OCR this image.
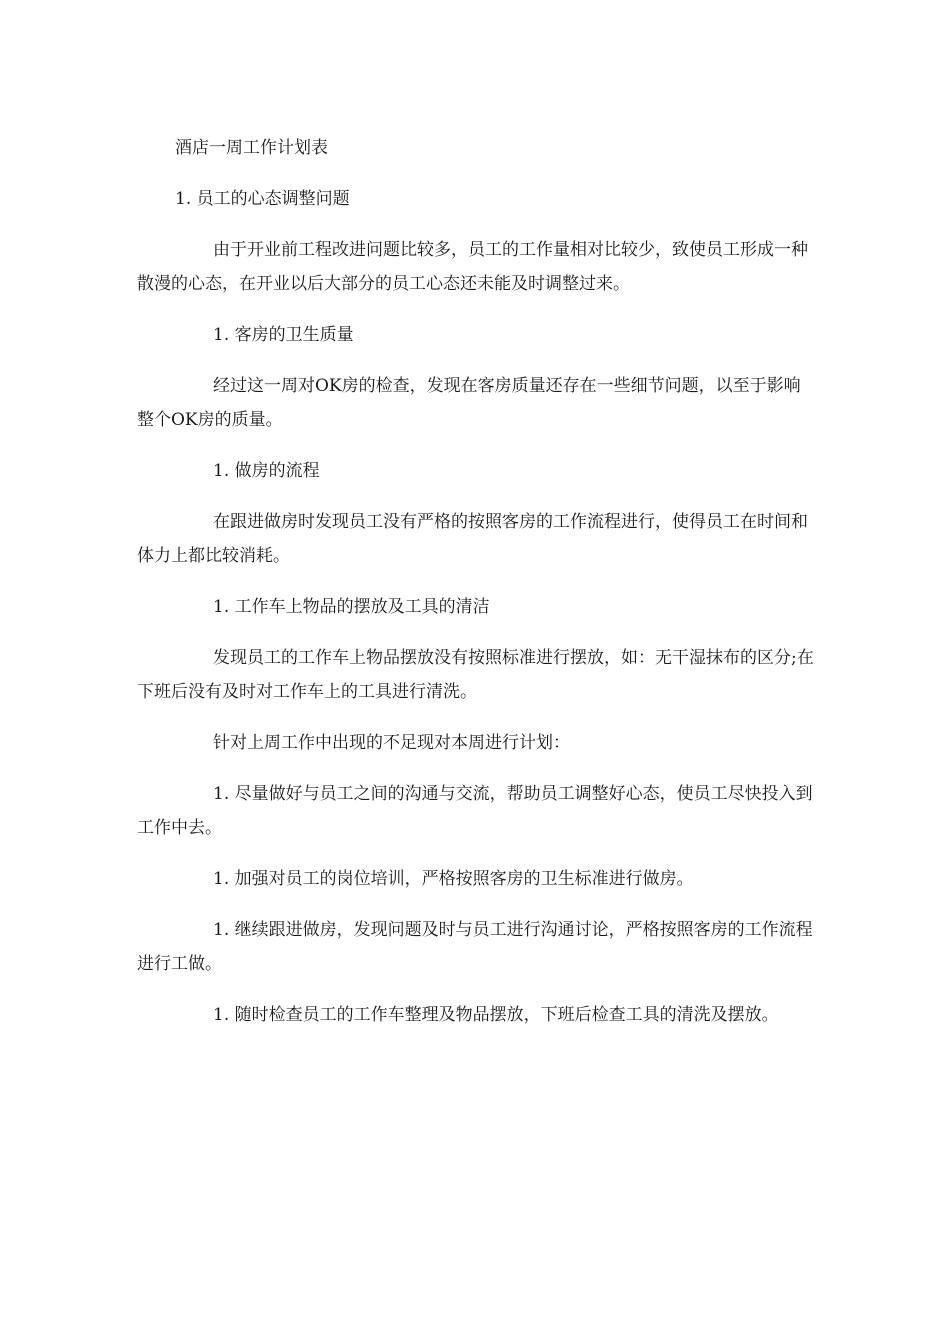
酒店一周工作计划表

1. 员工的心态调整问题

由于开业前工程改进问题比较多，员工的工作量相对比较少，致使员工形成一种散漫的心态，在开业以后大部分的员工心态还未能及时调整过来。

1. 客房的卫生质量

经过这一周对OK房的检查，发现在客房质量还存在一些细节问题，以至于影响整个OK房的质量。

1. 做房的流程

在跟进做房时发现员工没有严格的按照客房的工作流程进行，使得员工在时间和体力上都比较消耗。

1. 工作车上物品的摆放及工具的清洁

发现员工的工作车上物品摆放没有按照标准进行摆放，如：无干湿抹布的区分;在下班后没有及时对工作车上的工具进行清洗。

针对上周工作中出现的不足现对本周进行计划：

1. 尽量做好与员工之间的沟通与交流，帮助员工调整好心态，使员工尽快投入到工作中去。

1. 加强对员工的岗位培训，严格按照客房的卫生标准进行做房。

1. 继续跟进做房，发现问题及时与员工进行沟通讨论，严格按照客房的工作流程进行工做。

1. 随时检查员工的工作车整理及物品摆放，下班后检查工具的清洗及摆放。
